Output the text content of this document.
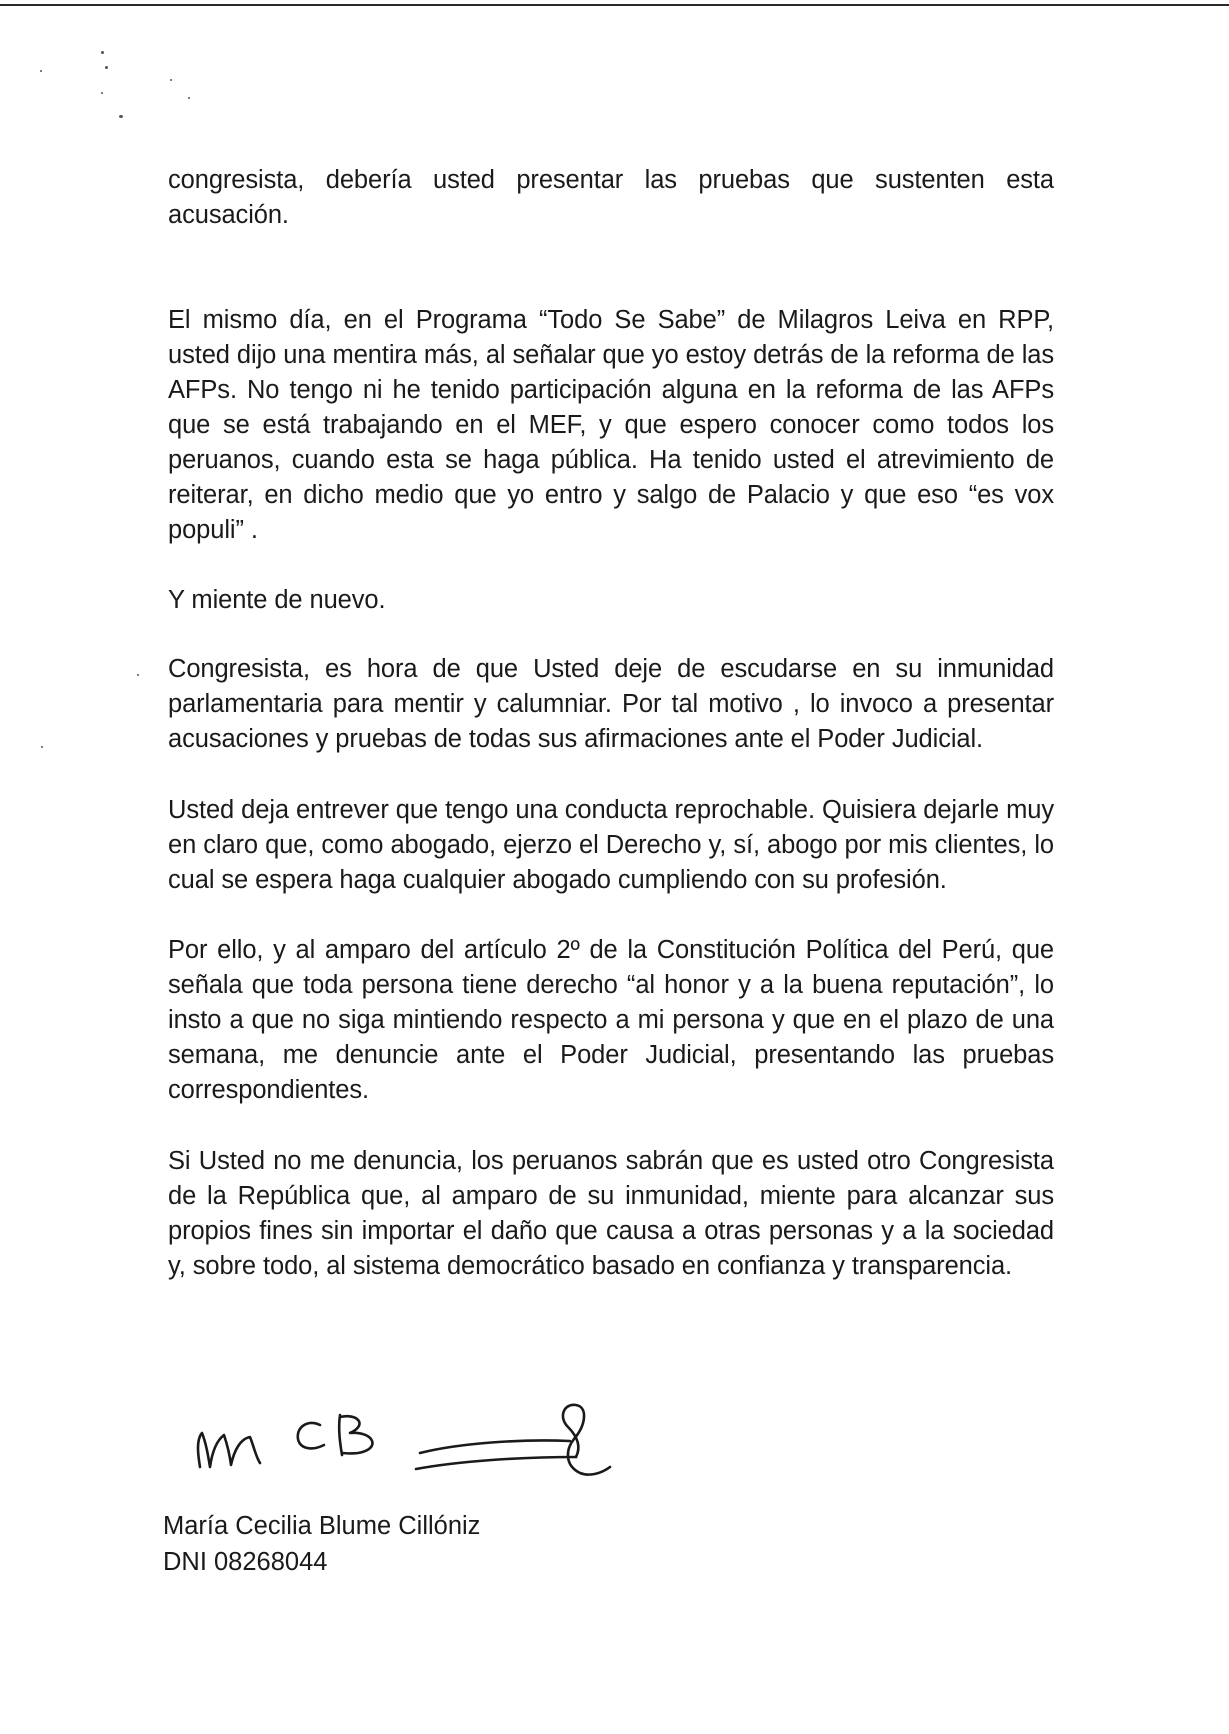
congresista, debería usted presentar las pruebas que sustenten esta acusación.

El mismo día, en el Programa “Todo Se Sabe” de Milagros Leiva en RPP, usted dijo una mentira más, al señalar que yo estoy detrás de la reforma de las AFPs. No tengo ni he tenido participación alguna en la reforma de las AFPs que se está trabajando en el MEF, y que espero conocer como todos los peruanos, cuando esta se haga pública. Ha tenido usted el atrevimiento de reiterar, en dicho medio que yo entro y salgo de Palacio y que eso “es vox populi” .

Y miente de nuevo.

Congresista, es hora de que Usted deje de escudarse en su inmunidad parlamentaria para mentir y calumniar. Por tal motivo , lo invoco a presentar acusaciones y pruebas de todas sus afirmaciones ante el Poder Judicial.

Usted deja entrever que tengo una conducta reprochable. Quisiera dejarle muy en claro que, como abogado, ejerzo el Derecho y, sí, abogo por mis clientes, lo cual se espera haga cualquier abogado cumpliendo con su profesión.

Por ello, y al amparo del artículo 2º de la Constitución Política del Perú, que señala que toda persona tiene derecho “al honor y a la buena reputación”, lo insto a que no siga mintiendo respecto a mi persona y que en el plazo de una semana, me denuncie ante el Poder Judicial, presentando las pruebas correspondientes.

Si Usted no me denuncia, los peruanos sabrán que es usted otro Congresista de la República que, al amparo de su inmunidad, miente para alcanzar sus propios fines sin importar el daño que causa a otras personas y a la sociedad y, sobre todo, al sistema democrático basado en confianza y transparencia.

María Cecilia Blume Cillóniz
DNI 08268044
